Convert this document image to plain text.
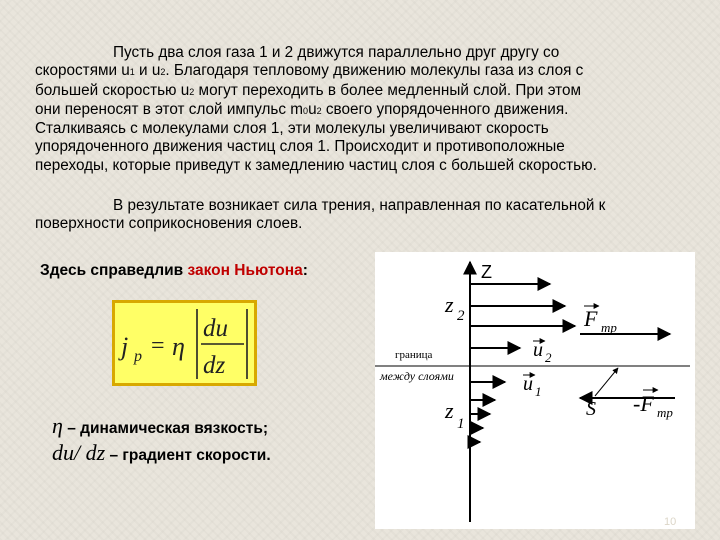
Пусть два слоя газа 1 и 2 движутся параллельно друг другу со
скоростями u1 и u2. Благодаря тепловому движению молекулы газа из слоя с
большей скоростью u2 могут переходить в более медленный слой. При этом
они переносят в этот слой импульс m0u2 своего упорядоченного движения.
Сталкиваясь с молекулами слоя 1, эти молекулы увеличивают скорость
упорядоченного движения частиц слоя 1. Происходит и противоположные
переходы, которые приведут к замедлению частиц слоя с большей скоростью.

В результате возникает сила трения, направленная по касательной к
поверхности соприкосновения слоев.

Здесь справедлив закон Ньютона:
j p = η
du
dz
η – динамическая вязкость;
du/ dz – градиент скорости.
Z
z 2
z
1
u 2
u 1
F тр
-F тр
S
граница
между слоями
10
